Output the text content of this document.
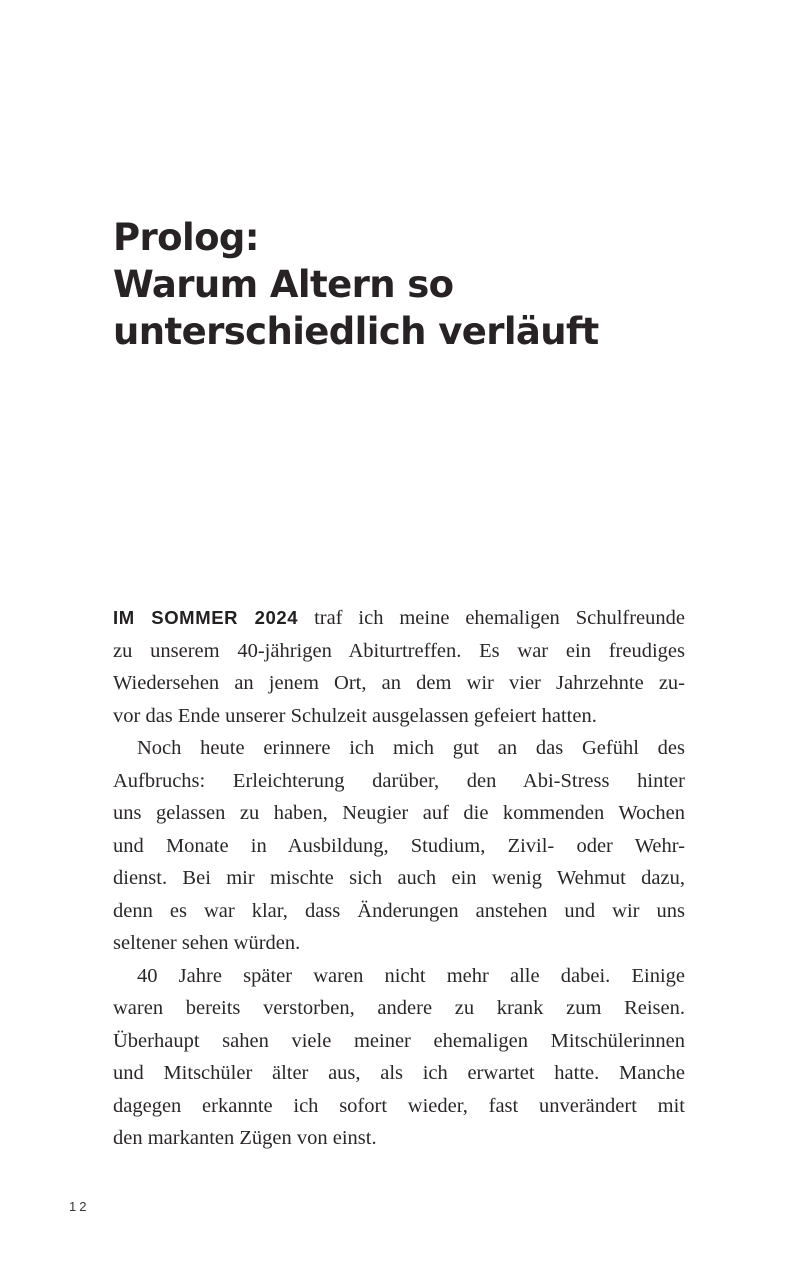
Prolog:
Warum Altern so
unterschiedlich verläuft
IM SOMMER 2024 traf ich meine ehemaligen Schulfreunde
zu unserem 40-jährigen Abiturtreffen. Es war ein freudiges
Wiedersehen an jenem Ort, an dem wir vier Jahrzehnte zu-
vor das Ende unserer Schulzeit ausgelassen gefeiert hatten.
Noch heute erinnere ich mich gut an das Gefühl des
Aufbruchs: Erleichterung darüber, den Abi-Stress hinter
uns gelassen zu haben, Neugier auf die kommenden Wochen
und Monate in Ausbildung, Studium, Zivil- oder Wehr-
dienst. Bei mir mischte sich auch ein wenig Wehmut dazu,
denn es war klar, dass Änderungen anstehen und wir uns
seltener sehen würden.
40 Jahre später waren nicht mehr alle dabei. Einige
waren bereits verstorben, andere zu krank zum Reisen.
Überhaupt sahen viele meiner ehemaligen Mitschülerinnen
und Mitschüler älter aus, als ich erwartet hatte. Manche
dagegen erkannte ich sofort wieder, fast unverändert mit
den markanten Zügen von einst.
12
